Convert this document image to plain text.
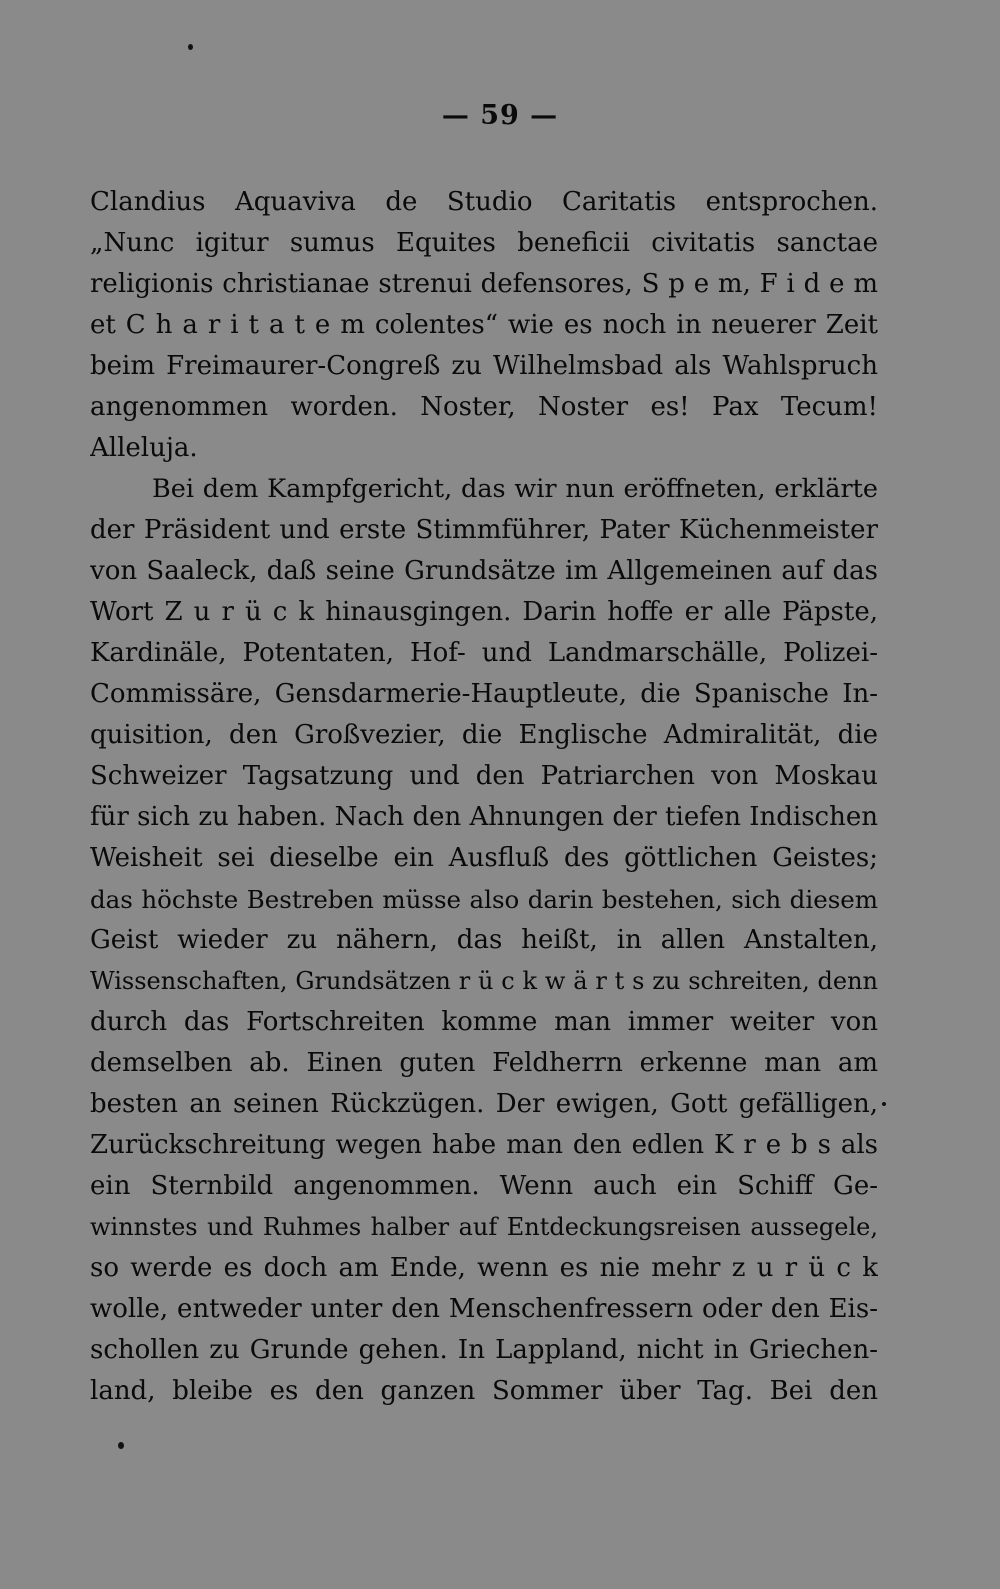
— 59 —
Clandius Aquaviva de Studio Caritatis entsprochen.
„Nunc igitur sumus Equites beneficii civitatis sanctae
religionis christianae strenui defensores, S p e m, F i d e m
et C h a r i t a t e m colentes“ wie es noch in neuerer Zeit
beim Freimaurer-Congreß zu Wilhelmsbad als Wahlspruch
angenommen worden. Noster, Noster es! Pax Tecum!
Alleluja.
Bei dem Kampfgericht, das wir nun eröffneten, erklärte
der Präsident und erste Stimmführer, Pater Küchenmeister
von Saaleck, daß seine Grundsätze im Allgemeinen auf das
Wort Z u r ü c k hinausgingen. Darin hoffe er alle Päpste,
Kardinäle, Potentaten, Hof- und Landmarschälle, Polizei-
Commissäre, Gensdarmerie-Hauptleute, die Spanische In-
quisition, den Großvezier, die Englische Admiralität, die
Schweizer Tagsatzung und den Patriarchen von Moskau
für sich zu haben. Nach den Ahnungen der tiefen Indischen
Weisheit sei dieselbe ein Ausfluß des göttlichen Geistes;
das höchste Bestreben müsse also darin bestehen, sich diesem
Geist wieder zu nähern, das heißt, in allen Anstalten,
Wissenschaften, Grundsätzen r ü c k w ä r t s zu schreiten, denn
durch das Fortschreiten komme man immer weiter von
demselben ab. Einen guten Feldherrn erkenne man am
besten an seinen Rückzügen. Der ewigen, Gott gefälligen,
Zurückschreitung wegen habe man den edlen K r e b s als
ein Sternbild angenommen. Wenn auch ein Schiff Ge-
winnstes und Ruhmes halber auf Entdeckungsreisen aussegele,
so werde es doch am Ende, wenn es nie mehr z u r ü c k
wolle, entweder unter den Menschenfressern oder den Eis-
schollen zu Grunde gehen. In Lappland, nicht in Griechen-
land, bleibe es den ganzen Sommer über Tag. Bei den
